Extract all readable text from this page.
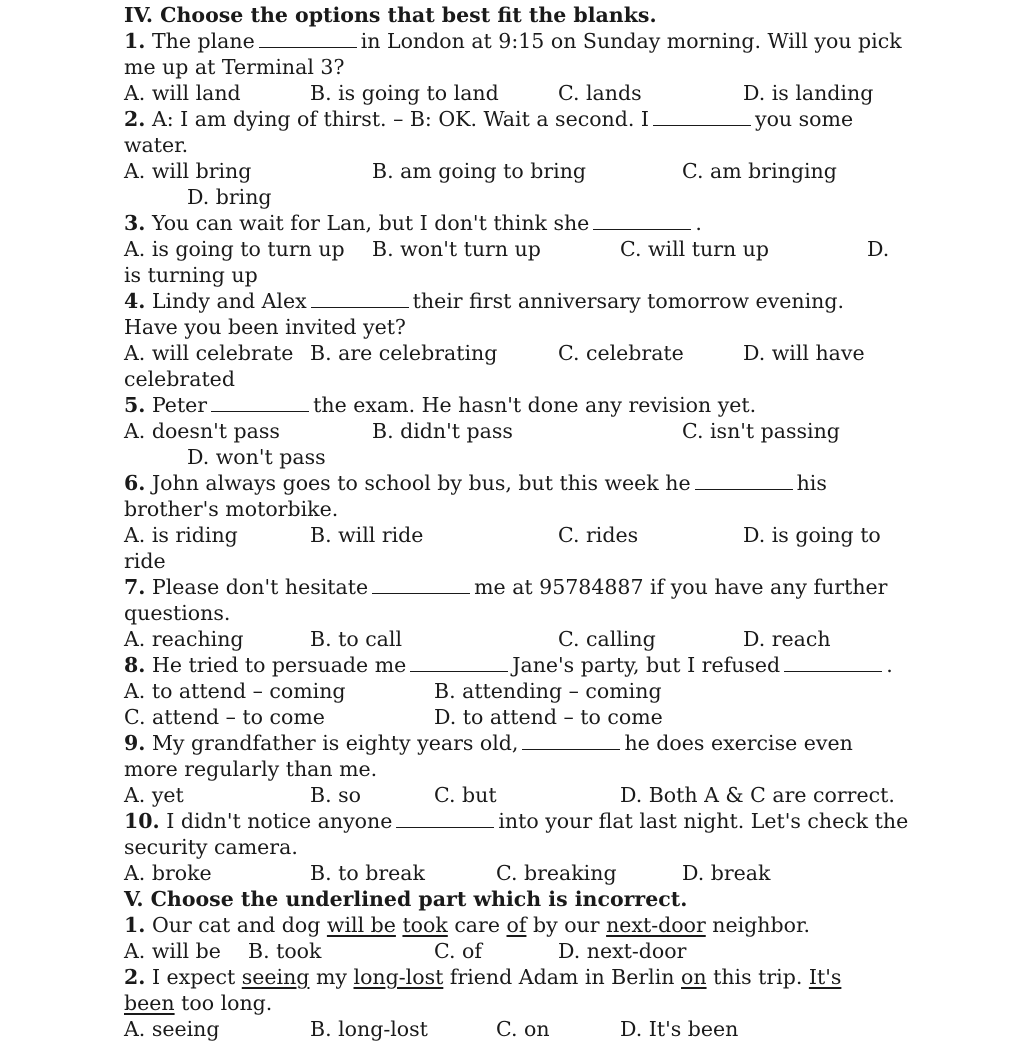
IV. Choose the options that best fit the blanks.
1. The plane	in London at 9:15 on Sunday morning. Will you pick
me up at Terminal 3?
A. will land	B. is going to land	C. lands	D. is landing
2. A: I am dying of thirst. – B: OK. Wait a second. I	you some
water.
A. will bring	B. am going to bring	C. am bringing
D. bring
3. You can wait for Lan, but I don't think she	.
A. is going to turn up B. won't turn up	C. will turn up	D.
is turning up
4. Lindy and Alex	their first anniversary tomorrow evening.
Have you been invited yet?
A. will celebrate B. are celebrating	C. celebrate	D. will have
celebrated
5. Peter	the exam. He hasn't done any revision yet.
A. doesn't pass	B. didn't pass	C. isn't passing
D. won't pass
6. John always goes to school by bus, but this week he	his
brother's motorbike.
A. is riding	B. will ride	C. rides	D. is going to
ride
7. Please don't hesitate	me at 95784887 if you have any further
questions.
A. reaching	B. to call	C. calling	D. reach
8. He tried to persuade me	Jane's party, but I refused	.
A. to attend – coming	B. attending – coming
C. attend – to come	D. to attend – to come
9. My grandfather is eighty years old,	he does exercise even
more regularly than me.
A. yet	B. so	C. but	D. Both A & C are correct.
10. I didn't notice anyone	into your flat last night. Let's check the
security camera.
A. broke	B. to break	C. breaking	D. break
V. Choose the underlined part which is incorrect.
1. Our cat and dog will be took care of by our next-door neighbor.
A. will be B. took	C. of	D. next-door
2. I expect seeing my long-lost friend Adam in Berlin on this trip. It's
been too long.
A. seeing	B. long-lost	C. on	D. It's been
